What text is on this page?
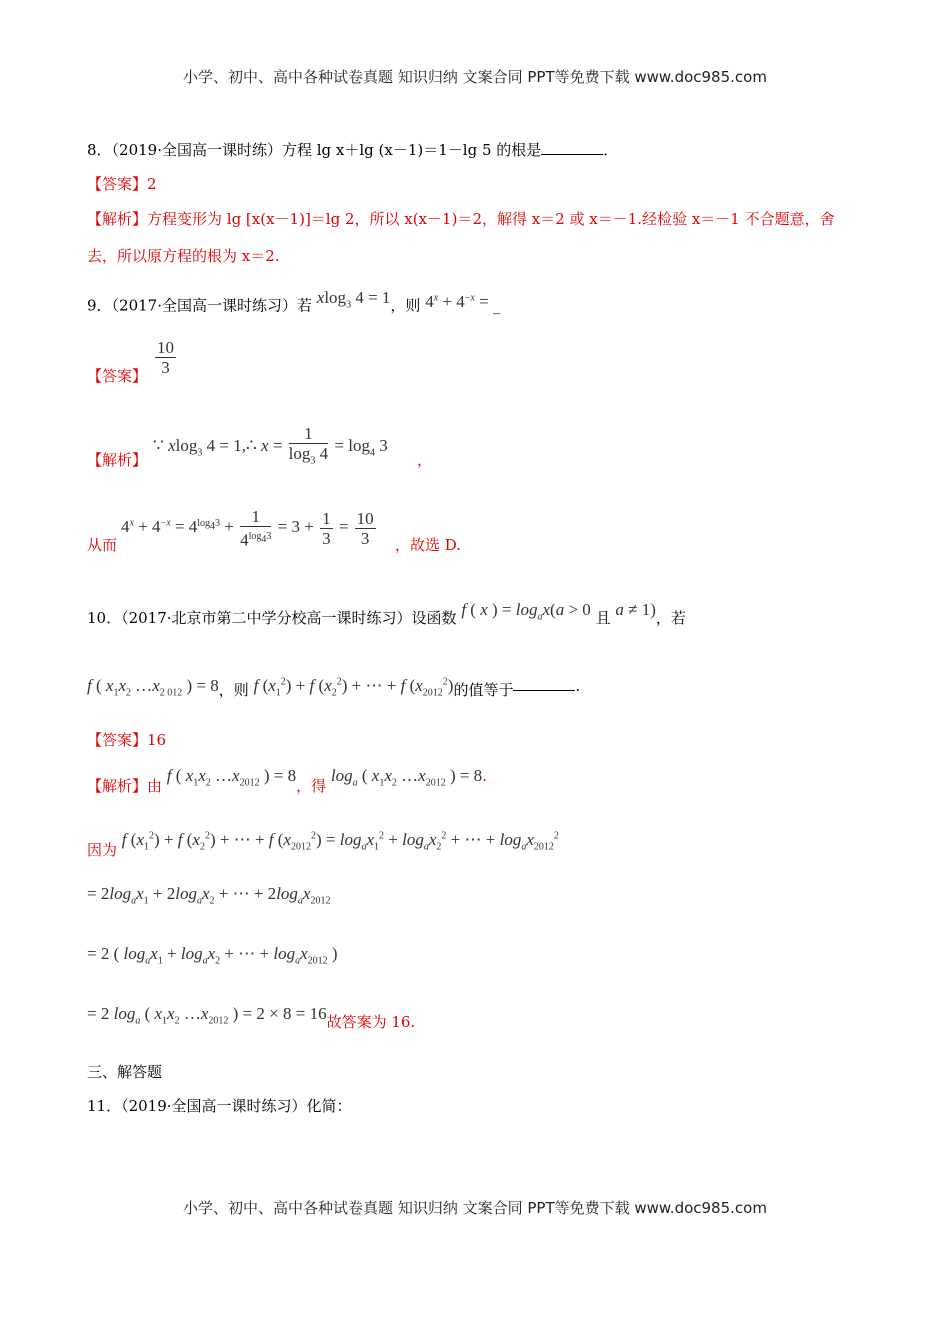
小学、初中、高中各种试卷真题 知识归纳 文案合同 PPT等免费下载 www.doc985.com
8．（2019·全国高一课时练）方程 lg x＋lg (x－1)＝1－lg 5 的根是	．
【答案】2
【解析】方程变形为 lg [x(x－1)]＝lg 2，所以 x(x－1)＝2，解得 x＝2 或 x＝－1.经检验 x＝－1 不合题意，舍
去，所以原方程的根为 x＝2.
9．（2017·全国高一课时练习）若 xlog$_3$ 4 = 1，则 $4^x + 4^{-x}$ = _
【答案】 $\frac{10}{3}$
【解析】
∵ xlog$_3$ 4 = 1,∴ $x = \frac{1}{\log_3 4} = \log_4 3$
，
从而
$4^x + 4^{-x} = 4^{log_43} + \frac{1}{4^{log_43}} = 3 + \frac{1}{3} = \frac{10}{3}$ ，故选 D.
10．（2017·北京市第二中学分校高一课时练习）设函数 f ( x ) = $\log_ax(a > 0$ 且 a ≠ 1)，若
f ( $x_1x_2$ $\dots x_{2 012}$ ) = 8，则 f $(x_1^2) + f$ $(x_2^2)$ + ⋯ + f $(x_{2012}^2)$的值等于	．
【答案】16
【解析】由 f ( $x_1x_2$ $\dots x_{2012}$ ) = 8，得 $\log_a$ ( $x_1x_2$ $\dots x_{2012}$ ) = 8.
因为 f $(x_1^2) + f$ $(x_2^2)$ + ⋯ + f $(x_{2012}^2) = \log_ax_1^2 + \log_ax_2^2$ + ⋯ + $\log_ax_{2012}^2$
= $2\log_ax_1 + 2\log_ax_2$ + ⋯ + $2\log_ax_{2012}$
= 2 ( $\log_ax_1 + \log_ax_2$ + ⋯ + $\log_ax_{2012}$ )
= 2 $\log_a$ ( $x_1x_2$ $\dots x_{2012}$ ) = 2 × 8 = 16故答案为 16.
三、解答题
11．（2019·全国高一课时练习）化简：
小学、初中、高中各种试卷真题 知识归纳 文案合同 PPT等免费下载 www.doc985.com
